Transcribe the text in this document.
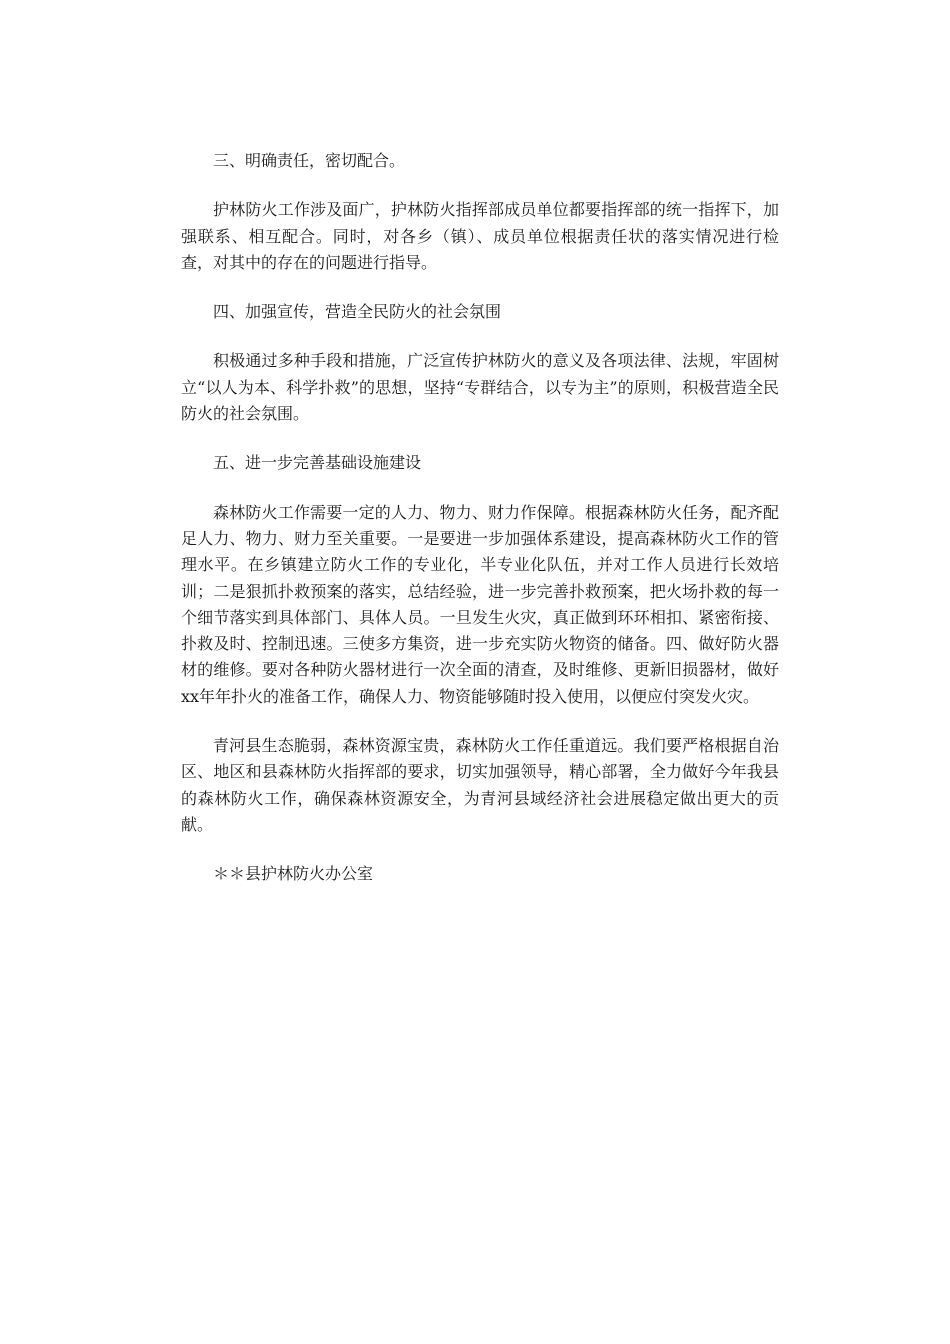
三、明确责任，密切配合。

护林防火工作涉及面广，护林防火指挥部成员单位都要指挥部的统一指挥下，加强联系、相互配合。同时，对各乡（镇）、成员单位根据责任状的落实情况进行检查，对其中的存在的问题进行指导。

四、加强宣传，营造全民防火的社会氛围

积极通过多种手段和措施，广泛宣传护林防火的意义及各项法律、法规，牢固树立“以人为本、科学扑救”的思想，坚持“专群结合，以专为主”的原则，积极营造全民防火的社会氛围。

五、进一步完善基础设施建设

森林防火工作需要一定的人力、物力、财力作保障。根据森林防火任务，配齐配足人力、物力、财力至关重要。一是要进一步加强体系建设，提高森林防火工作的管理水平。在乡镇建立防火工作的专业化，半专业化队伍，并对工作人员进行长效培训；二是狠抓扑救预案的落实，总结经验，进一步完善扑救预案，把火场扑救的每一个细节落实到具体部门、具体人员。一旦发生火灾，真正做到环环相扣、紧密衔接、扑救及时、控制迅速。三使多方集资，进一步充实防火物资的储备。四、做好防火器材的维修。要对各种防火器材进行一次全面的清查，及时维修、更新旧损器材，做好xx年年扑火的准备工作，确保人力、物资能够随时投入使用，以便应付突发火灾。

青河县生态脆弱，森林资源宝贵，森林防火工作任重道远。我们要严格根据自治区、地区和县森林防火指挥部的要求，切实加强领导，精心部署，全力做好今年我县的森林防火工作，确保森林资源安全，为青河县域经济社会进展稳定做出更大的贡献。

＊＊县护林防火办公室
